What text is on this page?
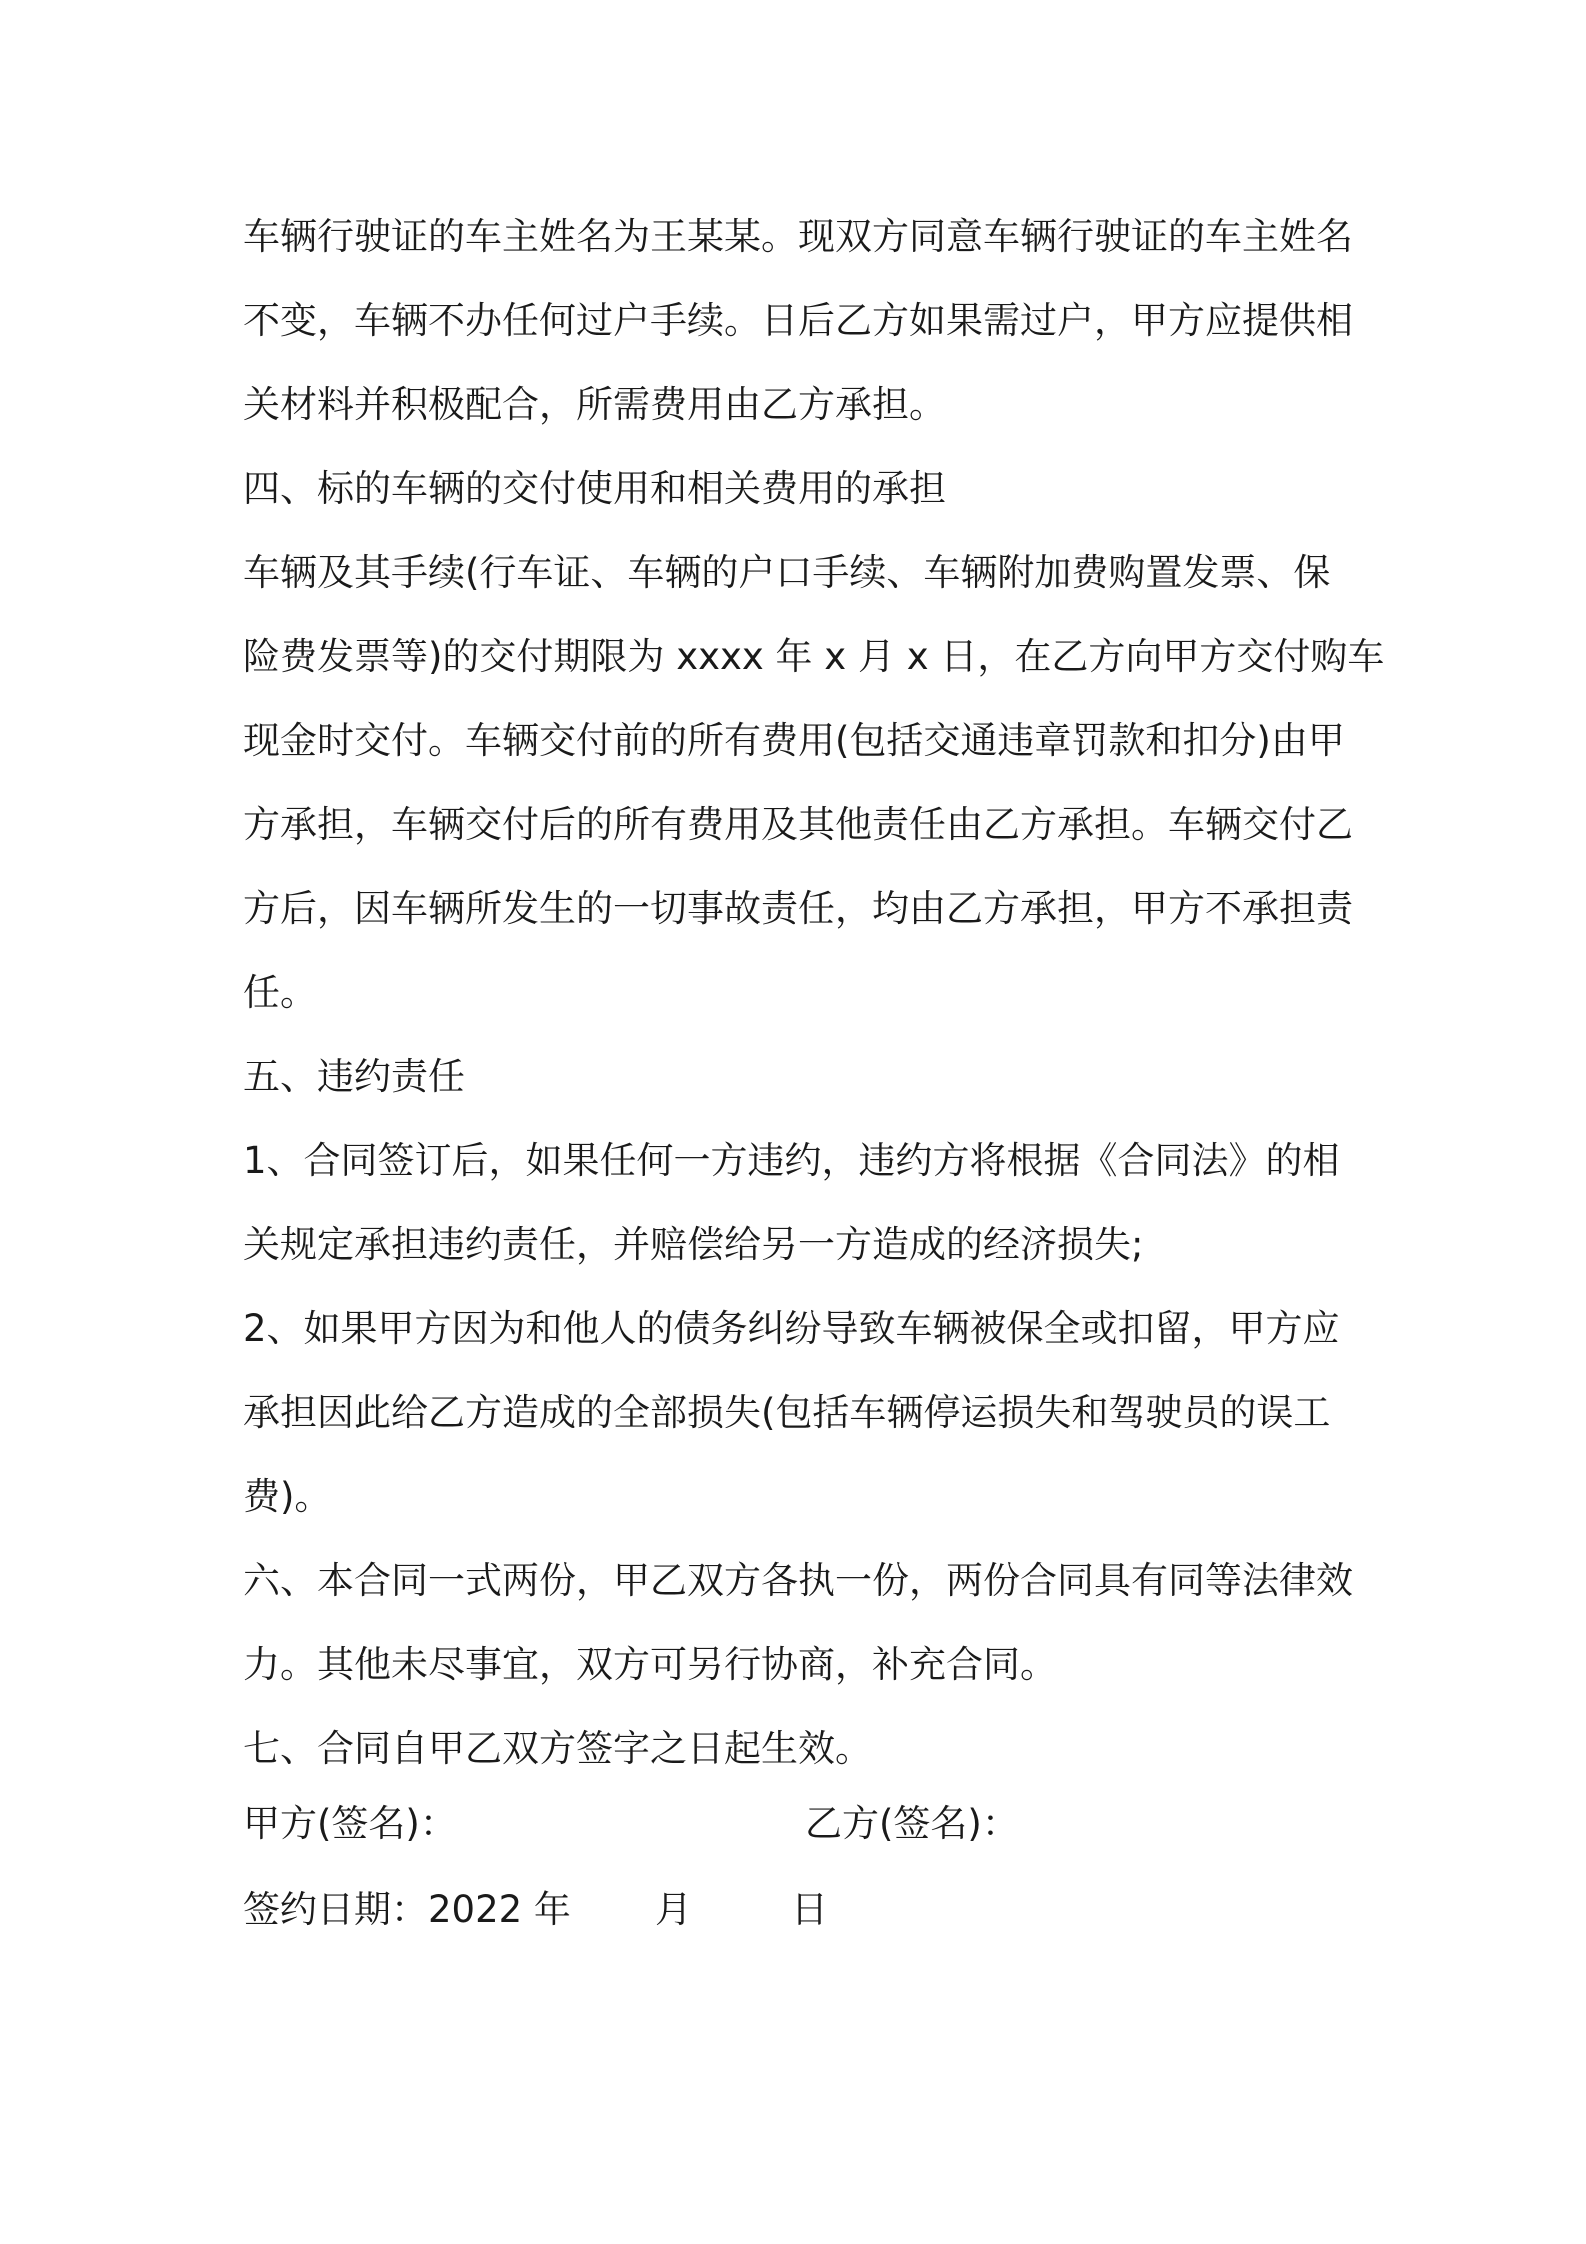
车辆行驶证的车主姓名为王某某。现双方同意车辆行驶证的车主姓名
不变，车辆不办任何过户手续。日后乙方如果需过户，甲方应提供相
关材料并积极配合，所需费用由乙方承担。
四、标的车辆的交付使用和相关费用的承担
车辆及其手续(行车证、车辆的户口手续、车辆附加费购置发票、保
险费发票等)的交付期限为 xxxx 年 x 月 x 日，在乙方向甲方交付购车
现金时交付。车辆交付前的所有费用(包括交通违章罚款和扣分)由甲
方承担，车辆交付后的所有费用及其他责任由乙方承担。车辆交付乙
方后，因车辆所发生的一切事故责任，均由乙方承担，甲方不承担责
任。
五、违约责任
1、合同签订后，如果任何一方违约，违约方将根据《合同法》的相
关规定承担违约责任，并赔偿给另一方造成的经济损失;
2、如果甲方因为和他人的债务纠纷导致车辆被保全或扣留，甲方应
承担因此给乙方造成的全部损失(包括车辆停运损失和驾驶员的误工
费)。
六、本合同一式两份，甲乙双方各执一份，两份合同具有同等法律效
力。其他未尽事宜，双方可另行协商，补充合同。
七、合同自甲乙双方签字之日起生效。
甲方(签名)：	乙方(签名)：
签约日期：2022 年 月	日
